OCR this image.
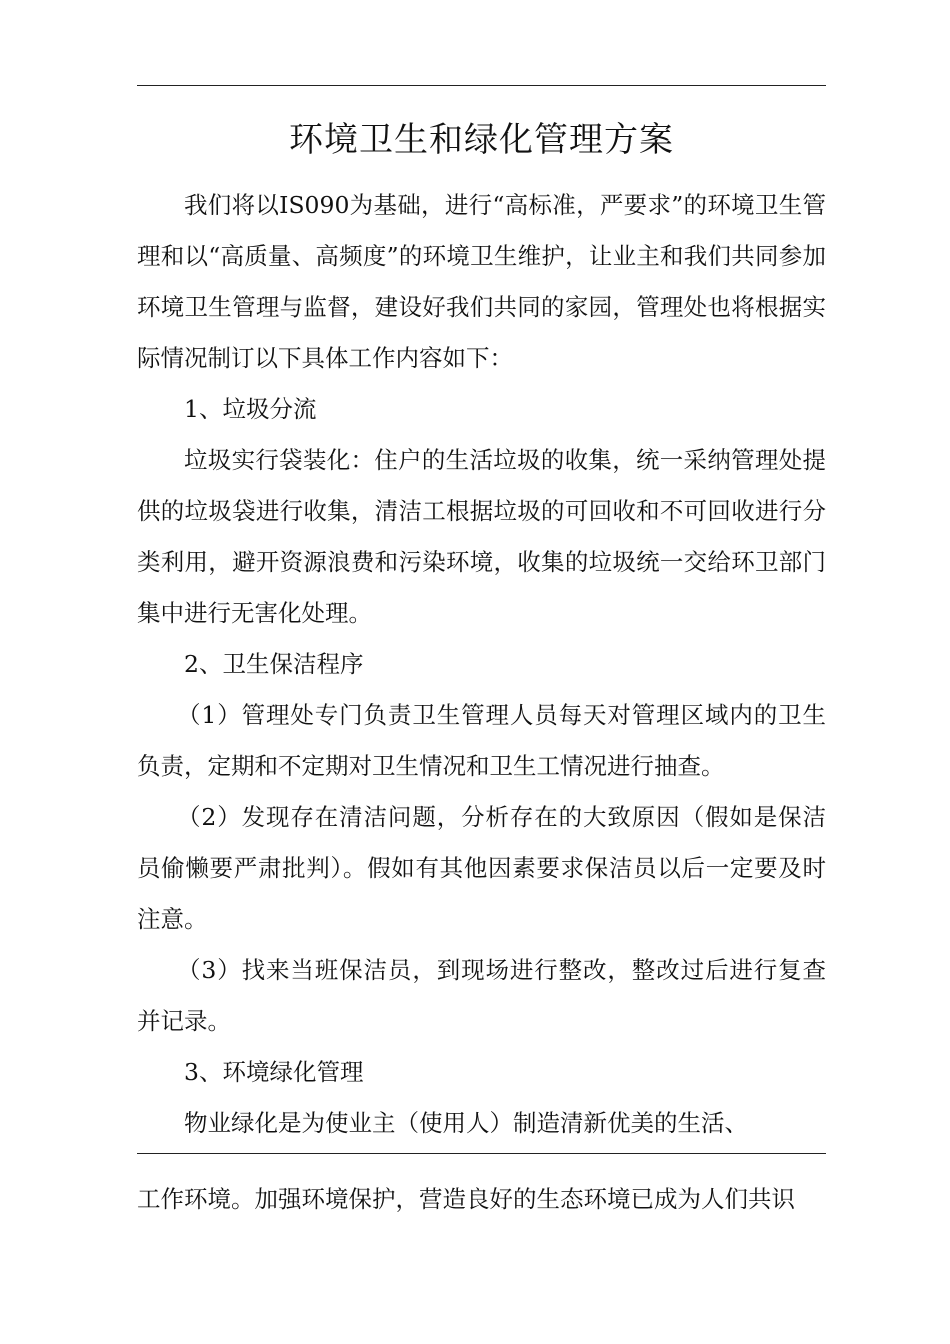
环境卫生和绿化管理方案

我们将以IS090为基础，进行“高标准，严要求”的环境卫生管理和以“高质量、高频度”的环境卫生维护，让业主和我们共同参加环境卫生管理与监督，建设好我们共同的家园，管理处也将根据实际情况制订以下具体工作内容如下：

1、垃圾分流

垃圾实行袋装化：住户的生活垃圾的收集，统一采纳管理处提供的垃圾袋进行收集，清洁工根据垃圾的可回收和不可回收进行分类利用，避开资源浪费和污染环境，收集的垃圾统一交给环卫部门集中进行无害化处理。

2、卫生保洁程序

（1）管理处专门负责卫生管理人员每天对管理区域内的卫生负责，定期和不定期对卫生情况和卫生工情况进行抽查。

（2）发现存在清洁问题，分析存在的大致原因（假如是保洁员偷懒要严肃批判）。假如有其他因素要求保洁员以后一定要及时注意。

（3）找来当班保洁员，到现场进行整改，整改过后进行复查并记录。

3、环境绿化管理

物业绿化是为使业主（使用人）制造清新优美的生活、

工作环境。加强环境保护，营造良好的生态环境已成为人们共识
